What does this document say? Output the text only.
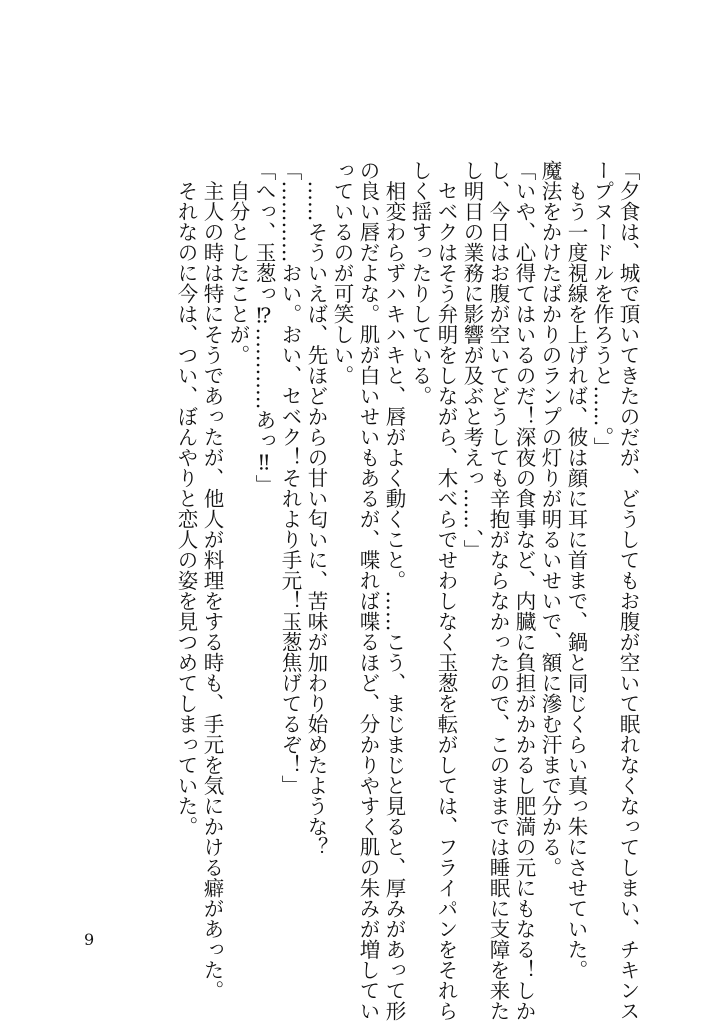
「夕食は、城で頂いてきたのだが、どうしてもお腹が空いて眠れなくなってしまい、チキンス
ープヌードルを作ろうと……。」
　もう一度視線を上げれば、彼は顔に耳に首まで、鍋と同じくらい真っ朱にさせていた。
魔法をかけたばかりのランプの灯りが明るいせいで、額に滲む汗まで分かる。
「いや、心得てはいるのだ！深夜の食事など、内臓に負担がかかるし肥満の元にもなる！しか
し、今日はお腹が空いてどうしても辛抱がならなかったので、このままでは睡眠に支障を来た
し明日の業務に影響が及ぶと考えっ……、」
　セベクはそう弁明をしながら、木べらでせわしなく玉葱を転がしては、フライパンをそれら
しく揺すったりしている。
　相変わらずハキハキと、唇がよく動くこと。……こう、まじまじと見ると、厚みがあって形
の良い唇だよな。肌が白いせいもあるが、喋れば喋るほど、分かりやすく肌の朱みが増してい
っているのが可笑しい。
　……そういえば、先ほどからの甘い匂いに、苦味が加わり始めたような？
「…………おい。おい、セベク！それより手元！玉葱焦げてるぞ！」
「へっ、玉葱っ⁉…………あっ‼」
　自分としたことが。
　主人の時は特にそうであったが、他人が料理をする時も、手元を気にかける癖があった。
　それなのに今は、つい、ぼんやりと恋人の姿を見つめてしまっていた。
9
